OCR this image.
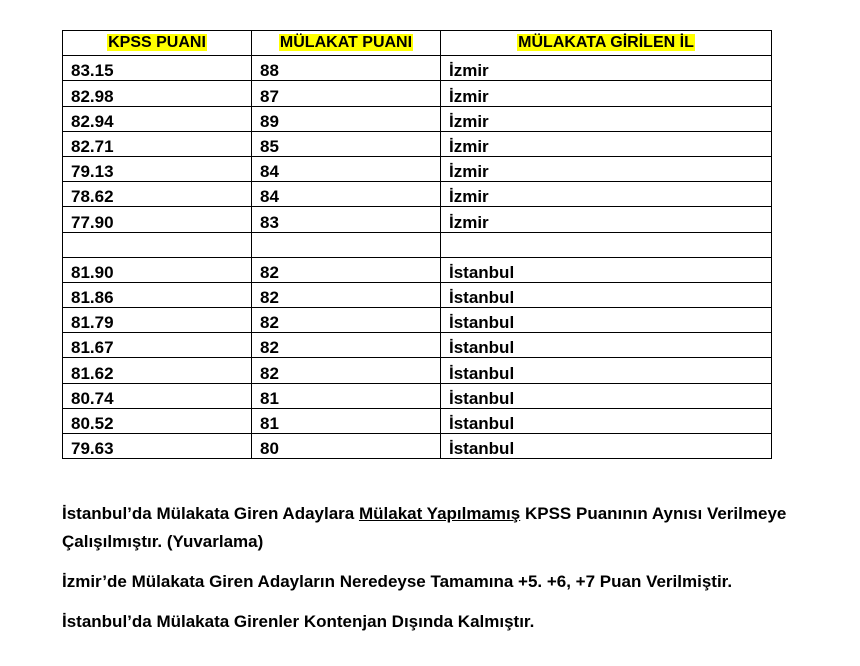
KPSS PUANI	MÜLAKAT PUANI	MÜLAKATA GİRİLEN İL
83.15	88	İzmir
82.98	87	İzmir
82.94	89	İzmir
82.71	85	İzmir
79.13	84	İzmir
78.62	84	İzmir
77.90	83	İzmir

81.90	82	İstanbul
81.86	82	İstanbul
81.79	82	İstanbul
81.67	82	İstanbul
81.62	82	İstanbul
80.74	81	İstanbul
80.52	81	İstanbul
79.63	80	İstanbul

İstanbul’da Mülakata Giren Adaylara Mülakat Yapılmamış KPSS Puanının Aynısı Verilmeye Çalışılmıştır. (Yuvarlama)

İzmir’de Mülakata Giren Adayların Neredeyse Tamamına +5. +6, +7 Puan Verilmiştir.

İstanbul’da Mülakata Girenler Kontenjan Dışında Kalmıştır.
